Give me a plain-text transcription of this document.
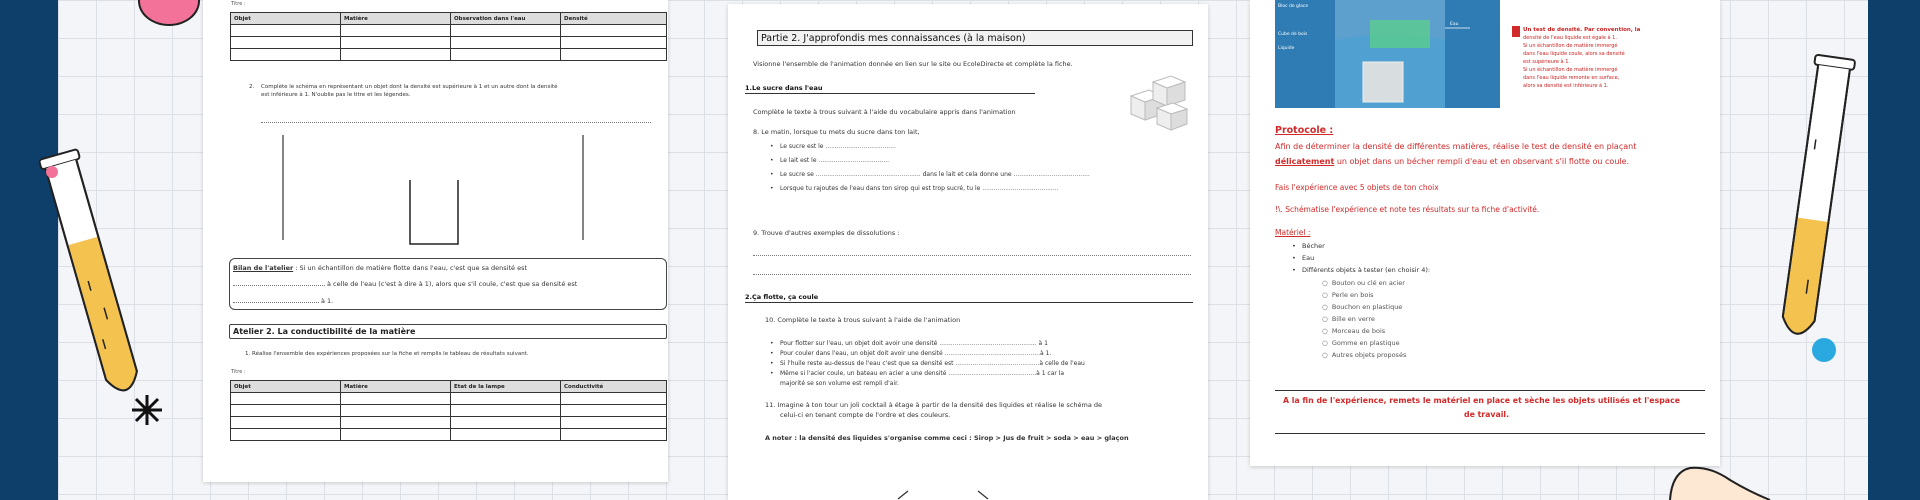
Titre :
Objet	Matière	Observation dans l'eau	Densité

2. Complète le schéma en représentant un objet dont la densité est supérieure à 1 et un autre dont la densité
est inférieure à 1. N'oublie pas le titre et les légendes.
Bilan de l'atelier : Si un échantillon de matière flotte dans l'eau, c'est que sa densité est
à celle de l'eau (c'est à dire à 1), alors que s'il coule, c'est que sa densité est
à 1.
Atelier 2. La conductibilité de la matière
1. Réalise l'ensemble des expériences proposées sur la fiche et remplis le tableau de résultats suivant.
Titre :
Objet	Matière	Etat de la lampe	Conductivité

Partie 2. J'approfondis mes connaissances (à la maison)
Visionne l'ensemble de l'animation donnée en lien sur le site ou EcoleDirecte et complète la fiche.
1.Le sucre dans l'eau
Complète le texte à trous suivant à l'aide du vocabulaire appris dans l'animation
8. Le matin, lorsque tu mets du sucre dans ton lait,
• Le sucre est le .....................................
• Le lait est le .....................................
• Le sucre se ....................................................... dans le lait et cela donne une ........................................
• Lorsque tu rajoutes de l'eau dans ton sirop qui est trop sucré, tu le ........................................
9. Trouve d'autres exemples de dissolutions :
2.Ça flotte, ça coule
10. Complète le texte à trous suivant à l'aide de l'animation
• Pour flotter sur l'eau, un objet doit avoir une densité ................................................... à 1
• Pour couler dans l'eau, un objet doit avoir une densité ..................................................à 1.
• Si l'huile reste au-dessus de l'eau c'est que sa densité est ............................................à celle de l'eau
• Même si l'acier coule, un bateau en acier a une densité ..............................................à 1 car la
majorité se son volume est rempli d'air.
11. Imagine à ton tour un joli cocktail à étage à partir de la densité des liquides et réalise le schéma de
celui-ci en tenant compte de l'ordre et des couleurs.
A noter : la densité des liquides s'organise comme ceci : Sirop > Jus de fruit > soda > eau > glaçon
Bloc de glace
Cube de bois
Eau
Liquide
Un test de densité. Par convention, la
densité de l'eau liquide est égale à 1.
Si un échantillon de matière immergé
dans l'eau liquide coule, alors sa densité
est supérieure à 1.
Si un échantillon de matière immergé
dans l'eau liquide remonte en surface,
alors sa densité est inférieure à 1.
Protocole :
Afin de déterminer la densité de différentes matières, réalise le test de densité en plaçant
délicatement un objet dans un bécher rempli d'eau et en observant s'il flotte ou coule.
Fais l'expérience avec 5 objets de ton choix
!\. Schématise l'expérience et note tes résultats sur ta fiche d'activité.
Matériel :
• Bécher
• Eau
• Différents objets à tester (en choisir 4):
○  Bouton ou clé en acier
○  Perle en bois
○  Bouchon en plastique
○  Bille en verre
○  Morceau de bois
○  Gomme en plastique
○  Autres objets proposés
A la fin de l'expérience, remets le matériel en place et sèche les objets utilisés et l'espace
de travail.
